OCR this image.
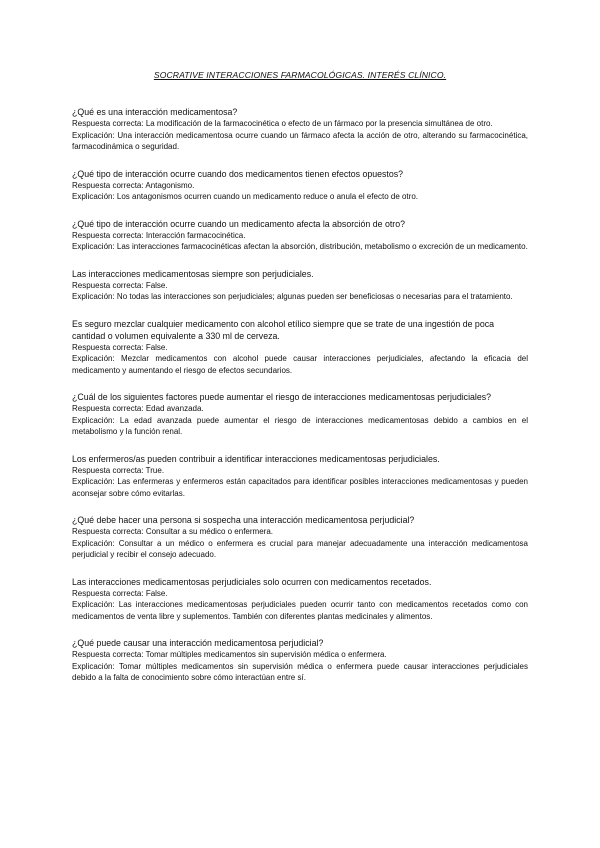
SOCRATIVE INTERACCIONES FARMACOLÓGICAS. INTERÉS CLÍNICO.

¿Qué es una interacción medicamentosa?

Respuesta correcta: La modificación de la farmacocinética o efecto de un fármaco por la presencia simultánea de otro.

Explicación: Una interacción medicamentosa ocurre cuando un fármaco afecta la acción de otro, alterando su farmacocinética, farmacodinámica o seguridad.

¿Qué tipo de interacción ocurre cuando dos medicamentos tienen efectos opuestos?

Respuesta correcta: Antagonismo.

Explicación: Los antagonismos ocurren cuando un medicamento reduce o anula el efecto de otro.

¿Qué tipo de interacción ocurre cuando un medicamento afecta la absorción de otro?

Respuesta correcta: Interacción farmacocinética.

Explicación: Las interacciones farmacocinéticas afectan la absorción, distribución, metabolismo o excreción de un medicamento.

Las interacciones medicamentosas siempre son perjudiciales.

Respuesta correcta: False.

Explicación: No todas las interacciones son perjudiciales; algunas pueden ser beneficiosas o necesarias para el tratamiento.

Es seguro mezclar cualquier medicamento con alcohol etílico siempre que se trate de una ingestión de poca cantidad o volumen equivalente a 330 ml de cerveza.

Respuesta correcta: False.

Explicación: Mezclar medicamentos con alcohol puede causar interacciones perjudiciales, afectando la eficacia del medicamento y aumentando el riesgo de efectos secundarios.

¿Cuál de los siguientes factores puede aumentar el riesgo de interacciones medicamentosas perjudiciales?

Respuesta correcta: Edad avanzada.

Explicación: La edad avanzada puede aumentar el riesgo de interacciones medicamentosas debido a cambios en el metabolismo y la función renal.

Los enfermeros/as pueden contribuir a identificar interacciones medicamentosas perjudiciales.

Respuesta correcta: True.

Explicación: Las enfermeras y enfermeros están capacitados para identificar posibles interacciones medicamentosas y pueden aconsejar sobre cómo evitarlas.

¿Qué debe hacer una persona si sospecha una interacción medicamentosa perjudicial?

Respuesta correcta: Consultar a su médico o enfermera.

Explicación: Consultar a un médico o enfermera es crucial para manejar adecuadamente una interacción medicamentosa perjudicial y recibir el consejo adecuado.

Las interacciones medicamentosas perjudiciales solo ocurren con medicamentos recetados.

Respuesta correcta: False.

Explicación: Las interacciones medicamentosas perjudiciales pueden ocurrir tanto con medicamentos recetados como con medicamentos de venta libre y suplementos. También con diferentes plantas medicinales y alimentos.

¿Qué puede causar una interacción medicamentosa perjudicial?

Respuesta correcta: Tomar múltiples medicamentos sin supervisión médica o enfermera.

Explicación: Tomar múltiples medicamentos sin supervisión médica o enfermera puede causar interacciones perjudiciales debido a la falta de conocimiento sobre cómo interactúan entre sí.
